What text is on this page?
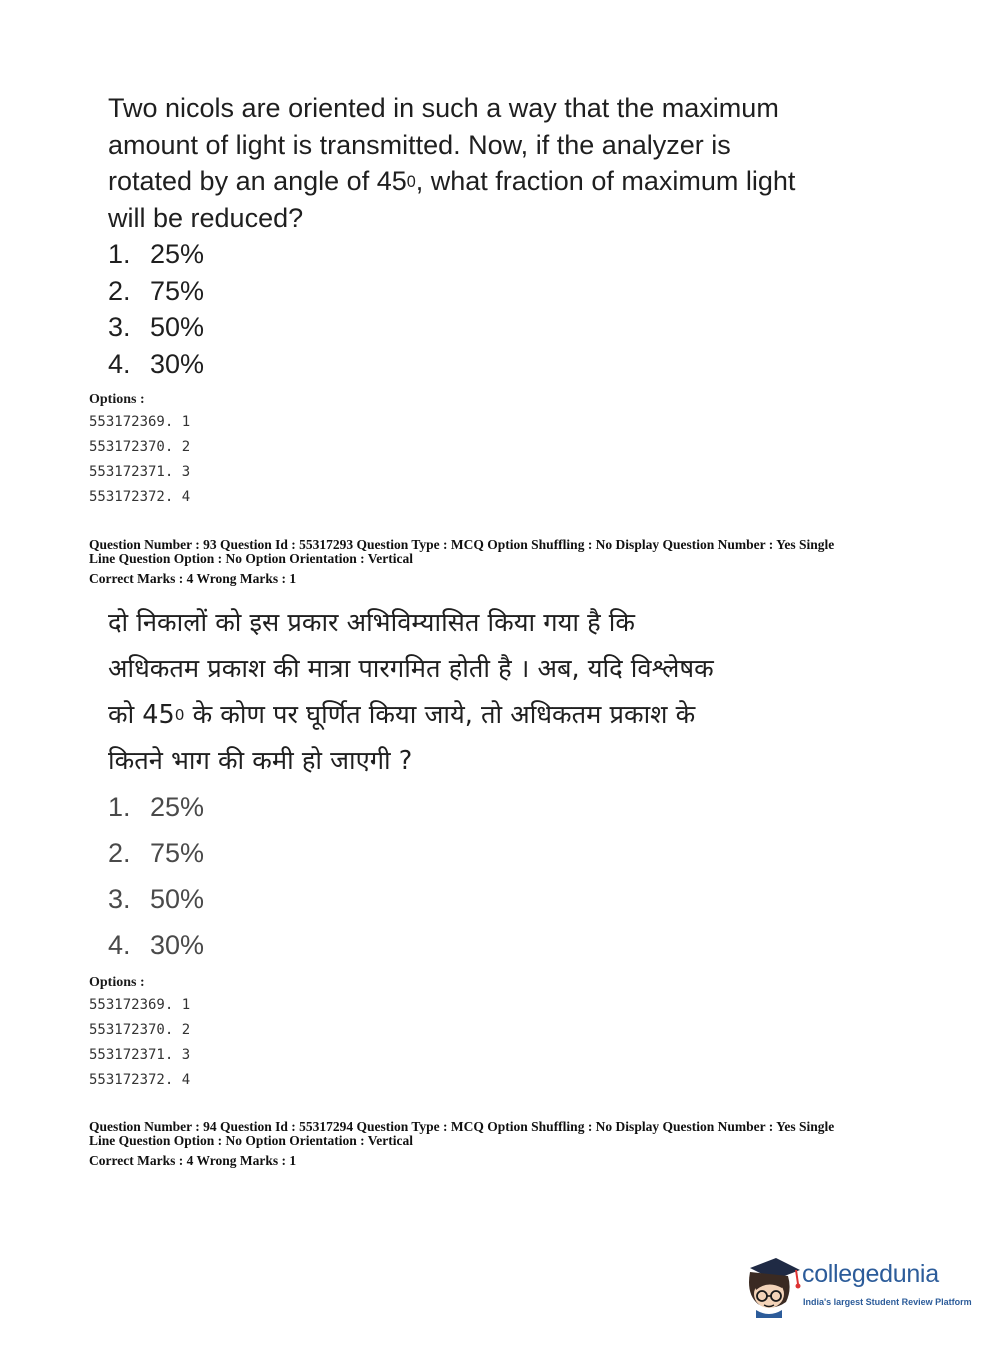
Two nicols are oriented in such a way that the maximum

amount of light is transmitted. Now, if the analyzer is

rotated by an angle of $45^0$, what fraction of maximum light

will be reduced?

1. 25%
2. 75%
3. 50%
4. 30%
Options :
553172369. 1
553172370. 2
553172371. 3
553172372. 4
Question Number : 93 Question Id : 55317293 Question Type : MCQ Option Shuffling : No Display Question Number : Yes Single
Line Question Option : No Option Orientation : Vertical
Correct Marks : 4 Wrong Marks : 1

दो निकालों को इस प्रकार अभिविम्यासित किया गया है कि

अधिकतम प्रकाश की मात्रा पारगमित होती है । अब, यदि विश्लेषक

को $45^0$ के कोण पर घूर्णित किया जाये, तो अधिकतम प्रकाश के

कितने भाग की कमी हो जाएगी ?

1. 25%
2. 75%
3. 50%
4. 30%
Options :
553172369. 1
553172370. 2
553172371. 3
553172372. 4
Question Number : 94 Question Id : 55317294 Question Type : MCQ Option Shuffling : No Display Question Number : Yes Single
Line Question Option : No Option Orientation : Vertical
Correct Marks : 4 Wrong Marks : 1
collegedunia
India's largest Student Review Platform
